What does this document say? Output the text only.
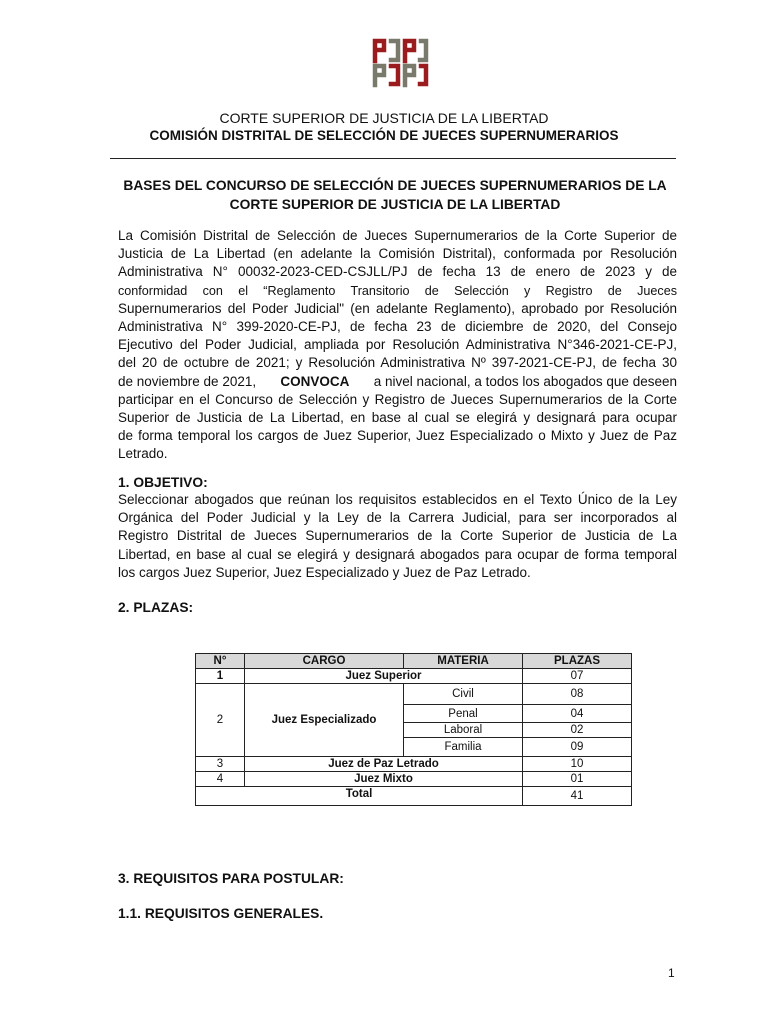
CORTE SUPERIOR DE JUSTICIA DE LA LIBERTAD
COMISIÓN DISTRITAL DE SELECCIÓN DE JUECES SUPERNUMERARIOS
BASES DEL CONCURSO DE SELECCIÓN DE JUECES SUPERNUMERARIOS DE LA
CORTE SUPERIOR DE JUSTICIA DE LA LIBERTAD
La Comisión Distrital de Selección de Jueces Supernumerarios de la Corte Superior de
Justicia de La Libertad (en adelante la Comisión Distrital), conformada por Resolución
Administrativa N° 00032-2023-CED-CSJLL/PJ de fecha 13 de enero de 2023 y de
conformidad con el “Reglamento Transitorio de Selección y Registro de Jueces
Supernumerarios del Poder Judicial" (en adelante Reglamento), aprobado por Resolución
Administrativa N° 399-2020-CE-PJ, de fecha 23 de diciembre de 2020, del Consejo
Ejecutivo del Poder Judicial, ampliada por Resolución Administrativa N°346-2021-CE-PJ,
del 20 de octubre de 2021; y Resolución Administrativa Nº 397-2021-CE-PJ, de fecha 30
de noviembre de 2021, CONVOCA a nivel nacional, a todos los abogados que deseen
participar en el Concurso de Selección y Registro de Jueces Supernumerarios de la Corte
Superior de Justicia de La Libertad, en base al cual se elegirá y designará para ocupar
de forma temporal los cargos de Juez Superior, Juez Especializado o Mixto y Juez de Paz
Letrado.
1. OBJETIVO:
Seleccionar abogados que reúnan los requisitos establecidos en el Texto Único de la Ley
Orgánica del Poder Judicial y la Ley de la Carrera Judicial, para ser incorporados al
Registro Distrital de Jueces Supernumerarios de la Corte Superior de Justicia de La
Libertad, en base al cual se elegirá y designará abogados para ocupar de forma temporal
los cargos Juez Superior, Juez Especializado y Juez de Paz Letrado.
2. PLAZAS:
N°	CARGO	MATERIA	PLAZAS
1	Juez Superior		07
2	Juez Especializado	Civil	08
		Penal	04
		Laboral	02
		Familia	09
3	Juez de Paz Letrado		10
4	Juez Mixto		01
Total			41
3. REQUISITOS PARA POSTULAR:
1.1. REQUISITOS GENERALES.
1
